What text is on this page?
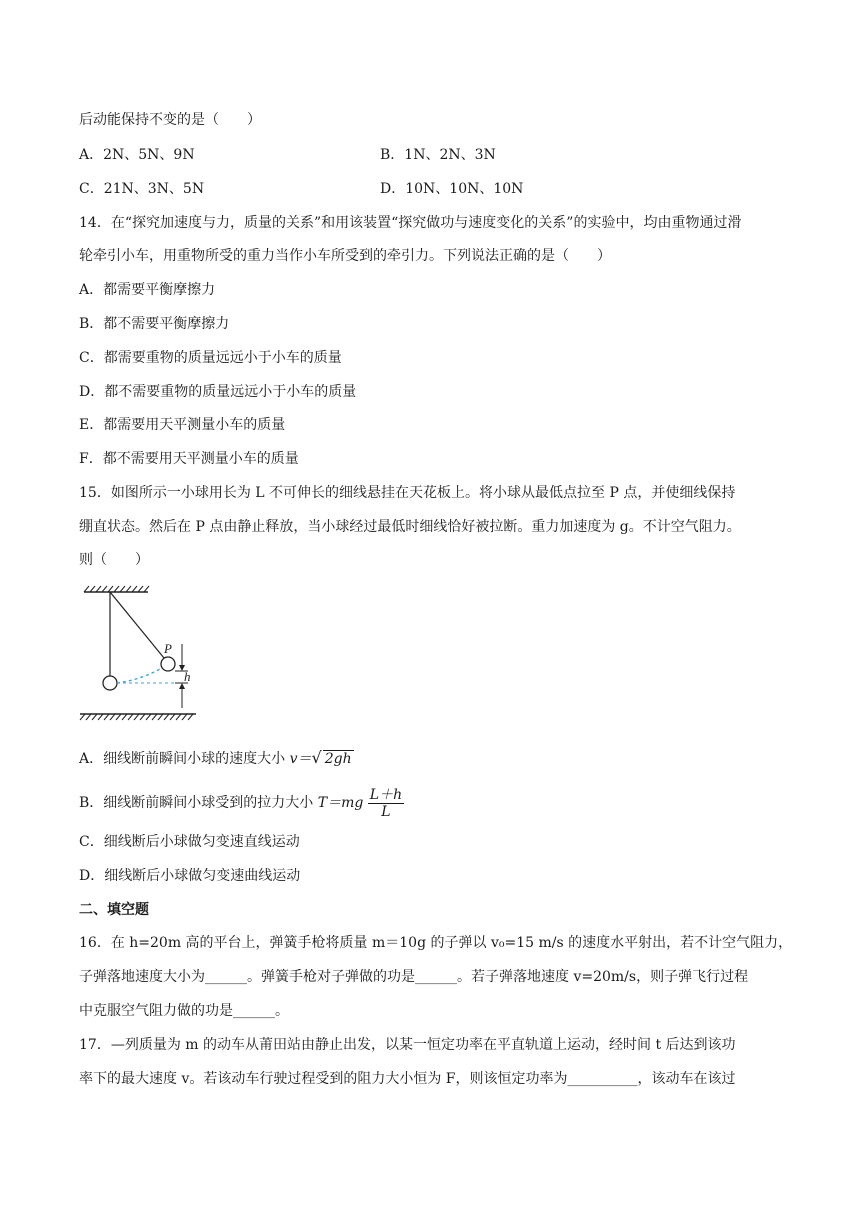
后动能保持不变的是（　　）
A．2N、5N、9N	B．1N、2N、3N
C．21N、3N、5N	D．10N、10N、10N
14．在“探究加速度与力，质量的关系”和用该装置“探究做功与速度变化的关系”的实验中，均由重物通过滑
轮牵引小车，用重物所受的重力当作小车所受到的牵引力。下列说法正确的是（　　）
A．都需要平衡摩擦力
B．都不需要平衡摩擦力
C．都需要重物的质量远远小于小车的质量
D．都不需要重物的质量远远小于小车的质量
E．都需要用天平测量小车的质量
F．都不需要用天平测量小车的质量
15．如图所示一小球用长为 L 不可伸长的细线悬挂在天花板上。将小球从最低点拉至 P 点，并使细线保持
绷直状态。然后在 P 点由静止释放，当小球经过最低时细线恰好被拉断。重力加速度为 g。不计空气阻力。
则（　　）
P
h
A．细线断前瞬间小球的速度大小 v＝√ 2gh
B．细线断前瞬间小球受到的拉力大小 $T=mg \frac{L+h}{L}$
C．细线断后小球做匀变速直线运动
D．细线断后小球做匀变速曲线运动
二、填空题
16．在 h=20m 高的平台上，弹簧手枪将质量 m＝10g 的子弹以 v₀=15 m/s 的速度水平射出，若不计空气阻力，
子弹落地速度大小为______。弹簧手枪对子弹做的功是______。若子弹落地速度 v=20m/s，则子弹飞行过程
中克服空气阻力做的功是______。
17．—列质量为 m 的动车从莆田站由静止出发，以某一恒定功率在平直轨道上运动，经时间 t 后达到该功
率下的最大速度 v。若该动车行驶过程受到的阻力大小恒为 F，则该恒定功率为__________，该动车在该过
